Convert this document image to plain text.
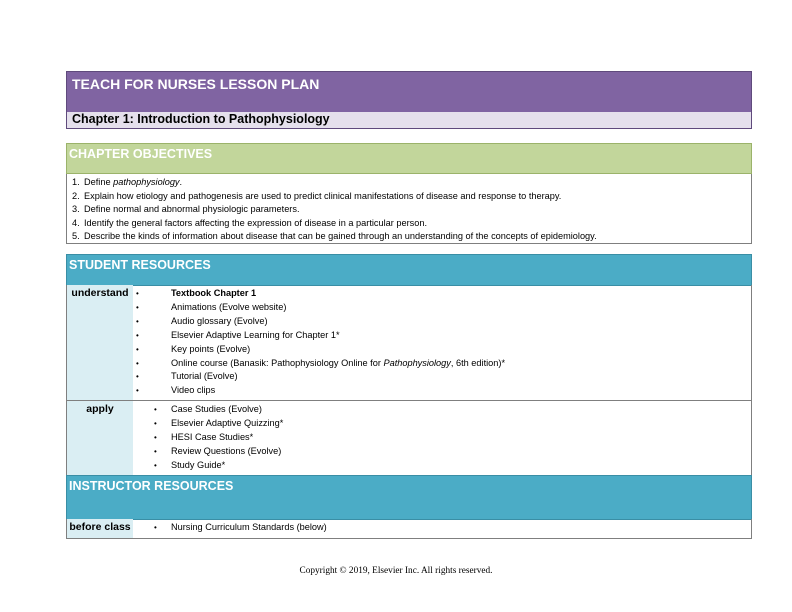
TEACH FOR NURSES LESSON PLAN
Chapter 1: Introduction to Pathophysiology
CHAPTER OBJECTIVES
1. Define pathophysiology.
2. Explain how etiology and pathogenesis are used to predict clinical manifestations of disease and response to therapy.
3. Define normal and abnormal physiologic parameters.
4. Identify the general factors affecting the expression of disease in a particular person.
5. Describe the kinds of information about disease that can be gained through an understanding of the concepts of epidemiology.
STUDENT RESOURCES
understand •	Textbook Chapter 1
•	Animations (Evolve website)
•	Audio glossary (Evolve)
•	Elsevier Adaptive Learning for Chapter 1*
•	Key points (Evolve)
•	Online course (Banasik: Pathophysiology Online for Pathophysiology, 6th edition)*
•	Tutorial (Evolve)
•	Video clips
apply	• Case Studies (Evolve)
• Elsevier Adaptive Quizzing*
• HESI Case Studies*
• Review Questions (Evolve)
• Study Guide*
INSTRUCTOR RESOURCES
before class	• Nursing Curriculum Standards (below)
Copyright © 2019, Elsevier Inc. All rights reserved.
